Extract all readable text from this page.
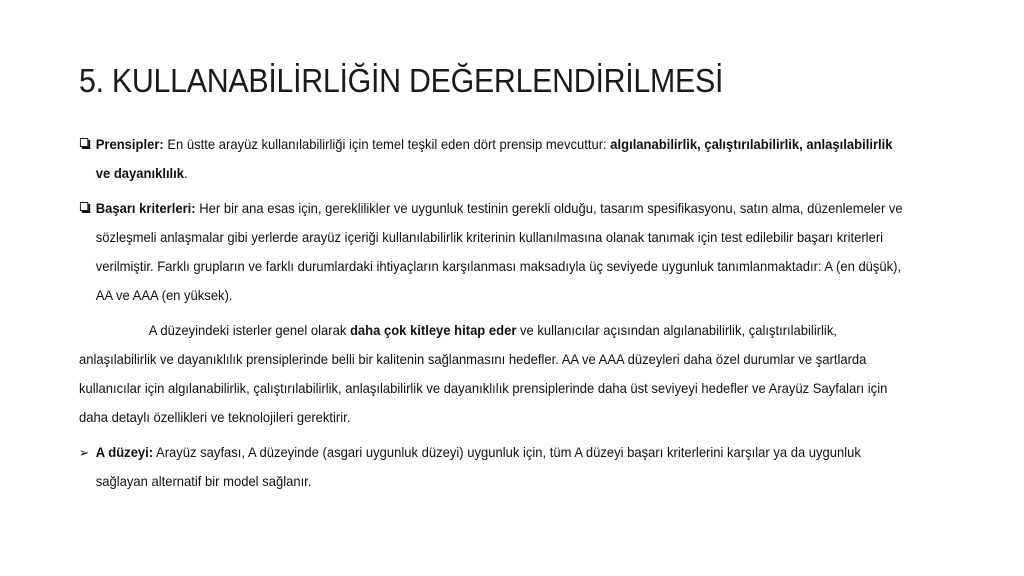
5. KULLANABİLİRLİĞİN DEĞERLENDİRİLMESİ
Prensipler: En üstte arayüz kullanılabilirliği için temel teşkil eden dört prensip mevcuttur: algılanabilirlik, çalıştırılabilirlik, anlaşılabilirlik ve dayanıklılık.
Başarı kriterleri: Her bir ana esas için, gereklilikler ve uygunluk testinin gerekli olduğu, tasarım spesifikasyonu, satın alma, düzenlemeler ve sözleşmeli anlaşmalar gibi yerlerde arayüz içeriği kullanılabilirlik kriterinin kullanılmasına olanak tanımak için test edilebilir başarı kriterleri verilmiştir. Farklı grupların ve farklı durumlardaki ihtiyaçların karşılanması maksadıyla üç seviyede uygunluk tanımlanmaktadır: A (en düşük), AA ve AAA (en yüksek).

A düzeyindeki isterler genel olarak daha çok kitleye hitap eder ve kullanıcılar açısından algılanabilirlik, çalıştırılabilirlik, anlaşılabilirlik ve dayanıklılık prensiplerinde belli bir kalitenin sağlanmasını hedefler. AA ve AAA düzeyleri daha özel durumlar ve şartlarda kullanıcılar için algılanabilirlik, çalıştırılabilirlik, anlaşılabilirlik ve dayanıklılık prensiplerinde daha üst seviyeyi hedefler ve Arayüz Sayfaları için daha detaylı özellikleri ve teknolojileri gerektirir.

➢ A düzeyi: Arayüz sayfası, A düzeyinde (asgari uygunluk düzeyi) uygunluk için, tüm A düzeyi başarı kriterlerini karşılar ya da uygunluk sağlayan alternatif bir model sağlanır.
